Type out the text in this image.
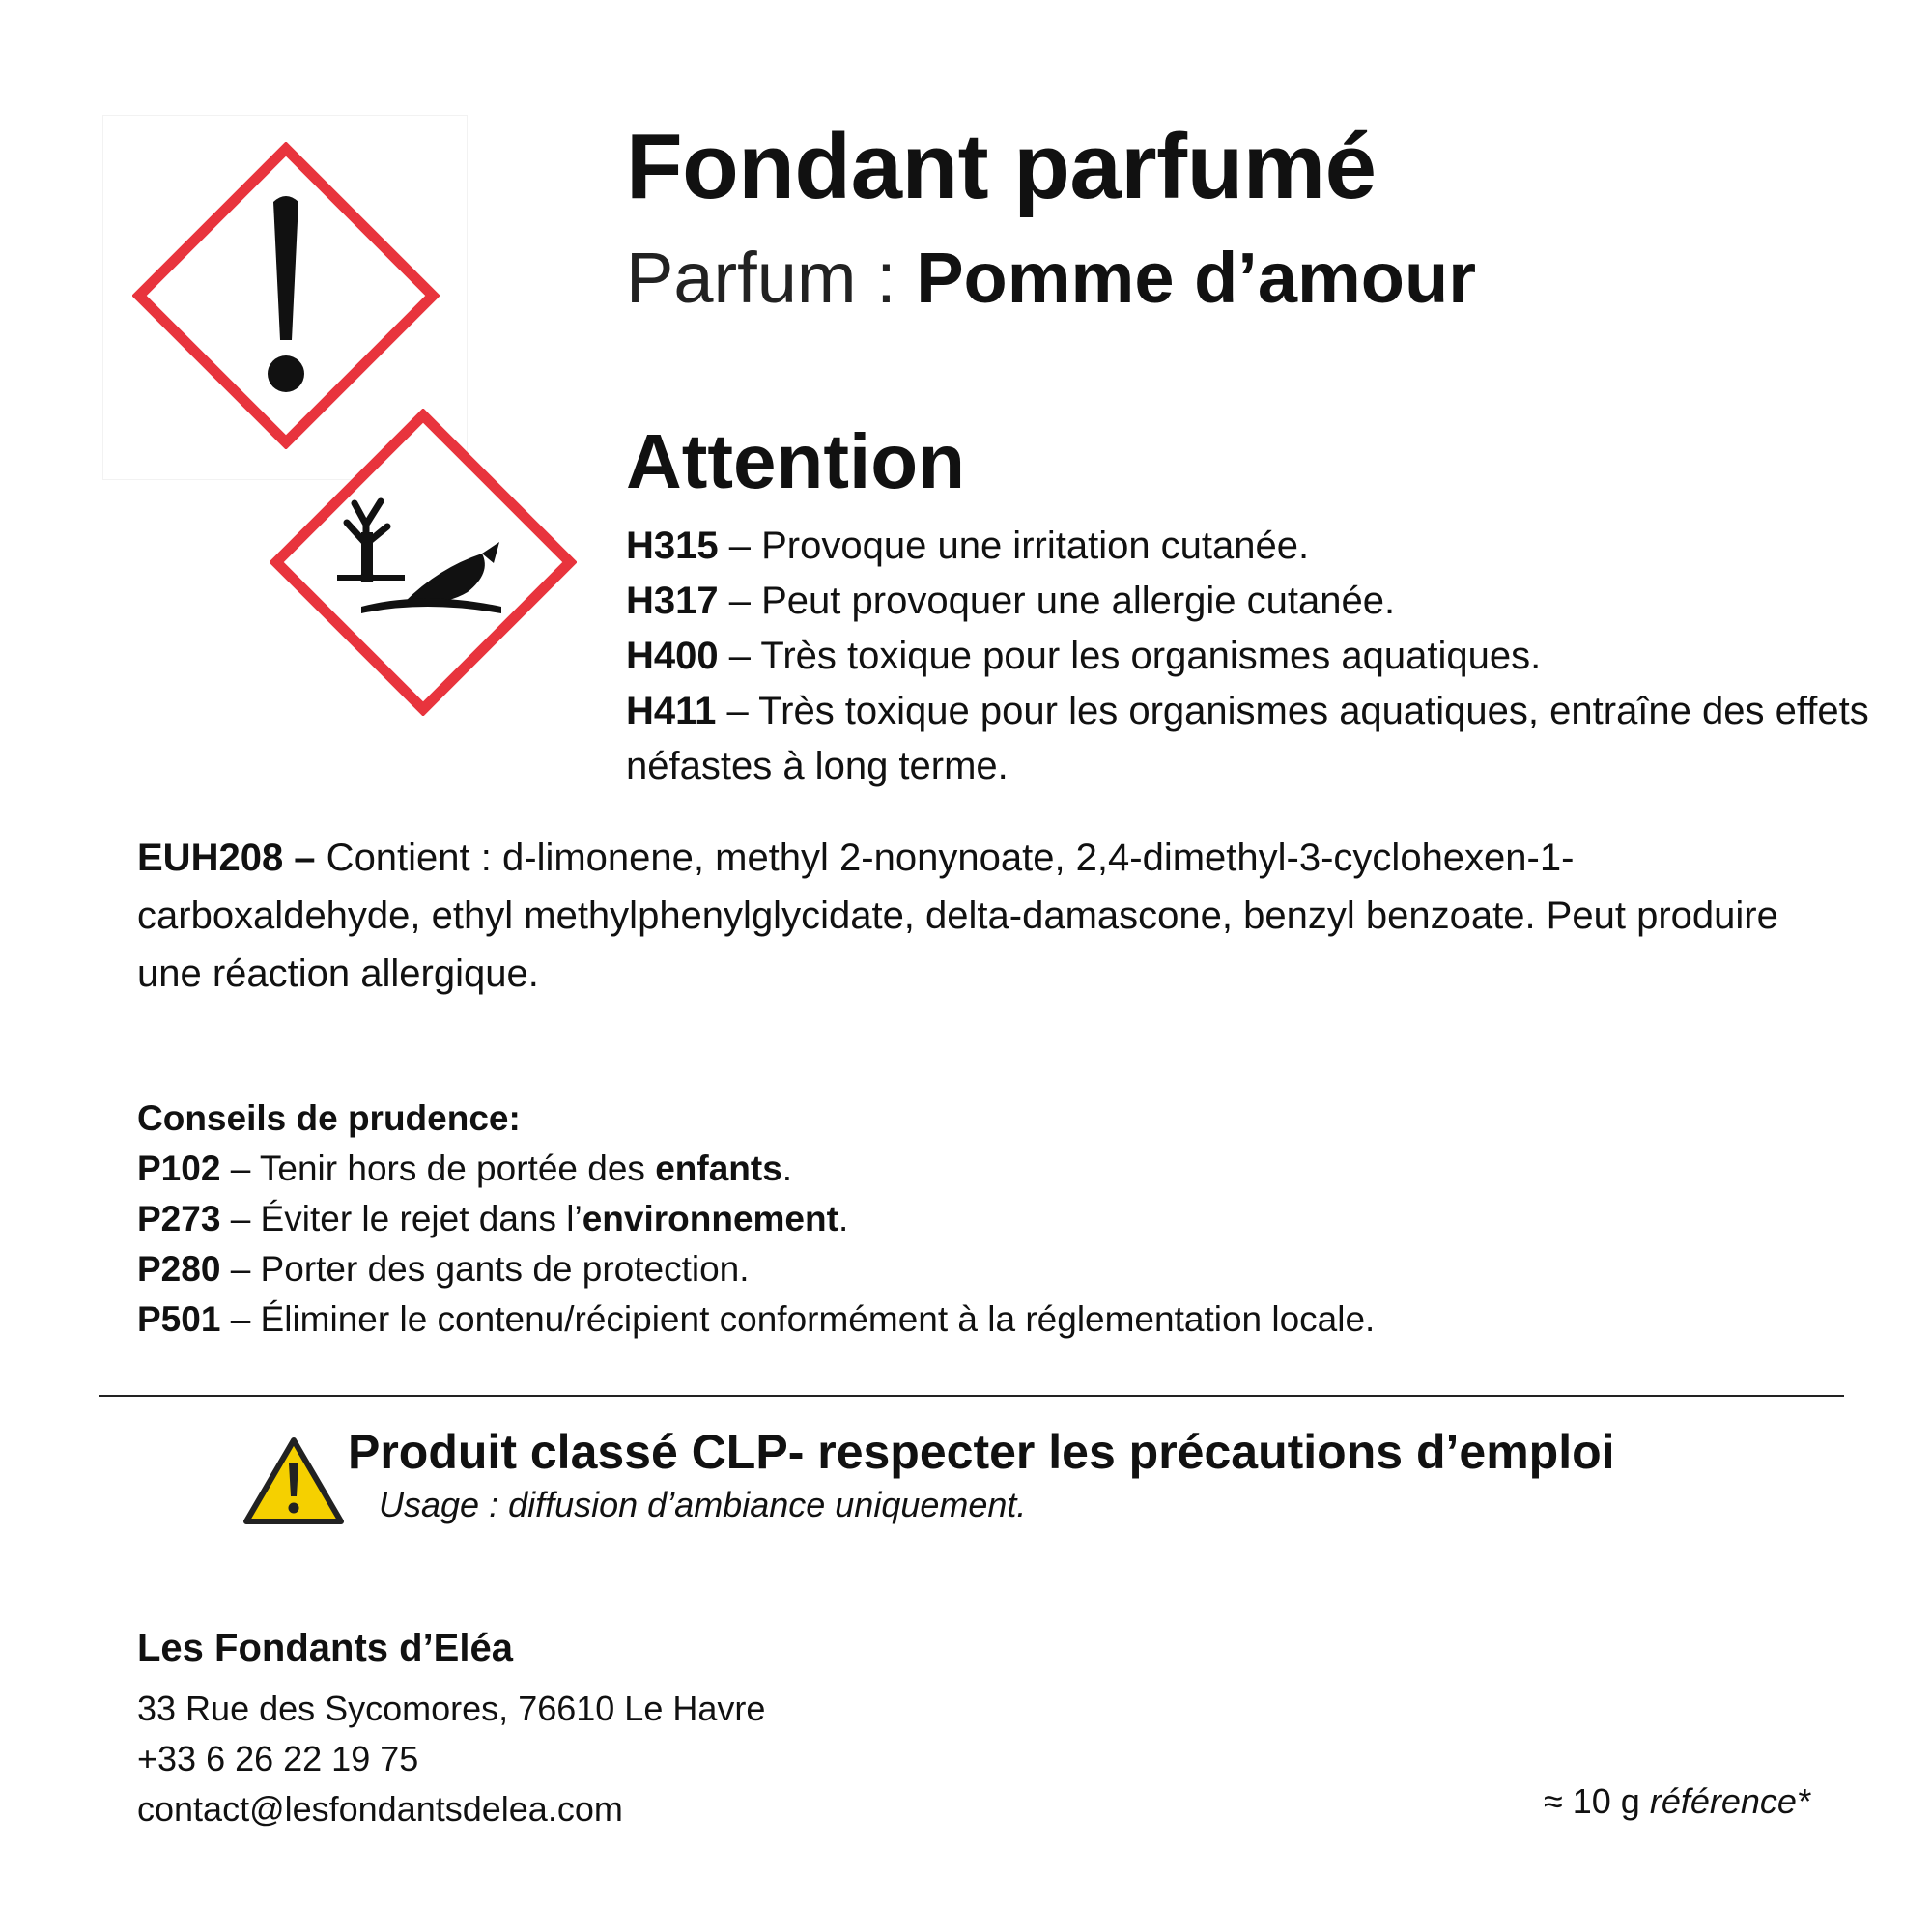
Fondant parfumé
Parfum : Pomme d’amour
Attention
H315 – Provoque une irritation cutanée.
H317 – Peut provoquer une allergie cutanée.
H400 – Très toxique pour les organismes aquatiques.
H411 – Très toxique pour les organismes aquatiques, entraîne des effets néfastes à long terme.
EUH208 – Contient : d-limonene, methyl 2-nonynoate, 2,4-dimethyl-3-cyclohexen-1-carboxaldehyde, ethyl methylphenylglycidate, delta-damascone, benzyl benzoate. Peut produire une réaction allergique.
Conseils de prudence:
P102 – Tenir hors de portée des enfants.
P273 – Éviter le rejet dans l’environnement.
P280 – Porter des gants de protection.
P501 – Éliminer le contenu/récipient conformément à la réglementation locale.
Produit classé CLP- respecter les précautions d’emploi
Usage : diffusion d’ambiance uniquement.
Les Fondants d’Eléa
33 Rue des Sycomores, 76610 Le Havre
+33 6 26 22 19 75
contact@lesfondantsdelea.com	≈ 10 g référence*
